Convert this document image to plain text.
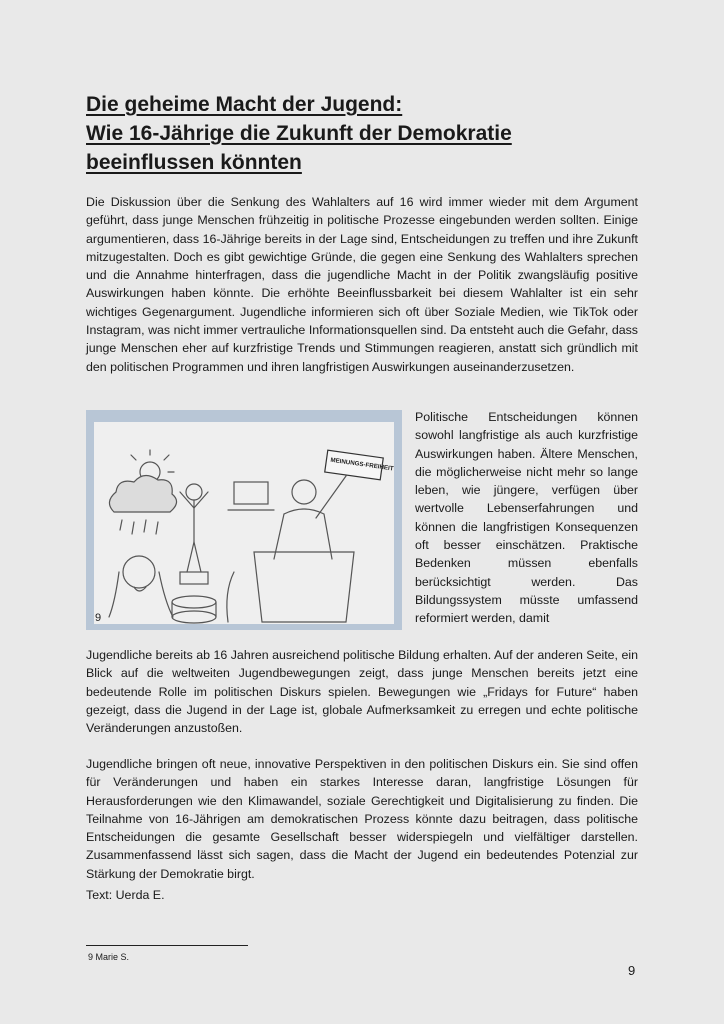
Die geheime Macht der Jugend:
Wie 16-Jährige die Zukunft der Demokratie
beeinflussen könnten

Die Diskussion über die Senkung des Wahlalters auf 16 wird immer wieder mit dem Argument geführt, dass junge Menschen frühzeitig in politische Prozesse eingebunden werden sollten. Einige argumentieren, dass 16-Jährige bereits in der Lage sind, Entscheidungen zu treffen und ihre Zukunft mitzugestalten. Doch es gibt gewichtige Gründe, die gegen eine Senkung des Wahlalters sprechen und die Annahme hinterfragen, dass die jugendliche Macht in der Politik zwangsläufig positive Auswirkungen haben könnte. Die erhöhte Beeinflussbarkeit bei diesem Wahlalter ist ein sehr wichtiges Gegenargument. Jugendliche informieren sich oft über Soziale Medien, wie TikTok oder Instagram, was nicht immer vertrauliche Informationsquellen sind. Da entsteht auch die Gefahr, dass junge Menschen eher auf kurzfristige Trends und Stimmungen reagieren, anstatt sich gründlich mit den politischen Programmen und ihren langfristigen Auswirkungen auseinanderzusetzen.

MEINUNGS-FREIHEIT
9

Politische Entscheidungen können sowohl langfristige als auch kurzfristige Auswirkungen haben. Ältere Menschen, die möglicherweise nicht mehr so lange leben, wie jüngere, verfügen über wertvolle Lebenserfahrungen und können die langfristigen Konsequenzen oft besser einschätzen. Praktische Bedenken müssen ebenfalls berücksichtigt werden. Das Bildungssystem müsste umfassend reformiert werden, damit

Jugendliche bereits ab 16 Jahren ausreichend politische Bildung erhalten. Auf der anderen Seite, ein Blick auf die weltweiten Jugendbewegungen zeigt, dass junge Menschen bereits jetzt eine bedeutende Rolle im politischen Diskurs spielen. Bewegungen wie „Fridays for Future“ haben gezeigt, dass die Jugend in der Lage ist, globale Aufmerksamkeit zu erregen und echte politische Veränderungen anzustoßen.

Jugendliche bringen oft neue, innovative Perspektiven in den politischen Diskurs ein. Sie sind offen für Veränderungen und haben ein starkes Interesse daran, langfristige Lösungen für Herausforderungen wie den Klimawandel, soziale Gerechtigkeit und Digitalisierung zu finden. Die Teilnahme von 16-Jährigen am demokratischen Prozess könnte dazu beitragen, dass politische Entscheidungen die gesamte Gesellschaft besser widerspiegeln und vielfältiger darstellen. Zusammenfassend lässt sich sagen, dass die Macht der Jugend ein bedeutendes Potenzial zur Stärkung der Demokratie birgt.

Text: Uerda E.

9 Marie S.
9
